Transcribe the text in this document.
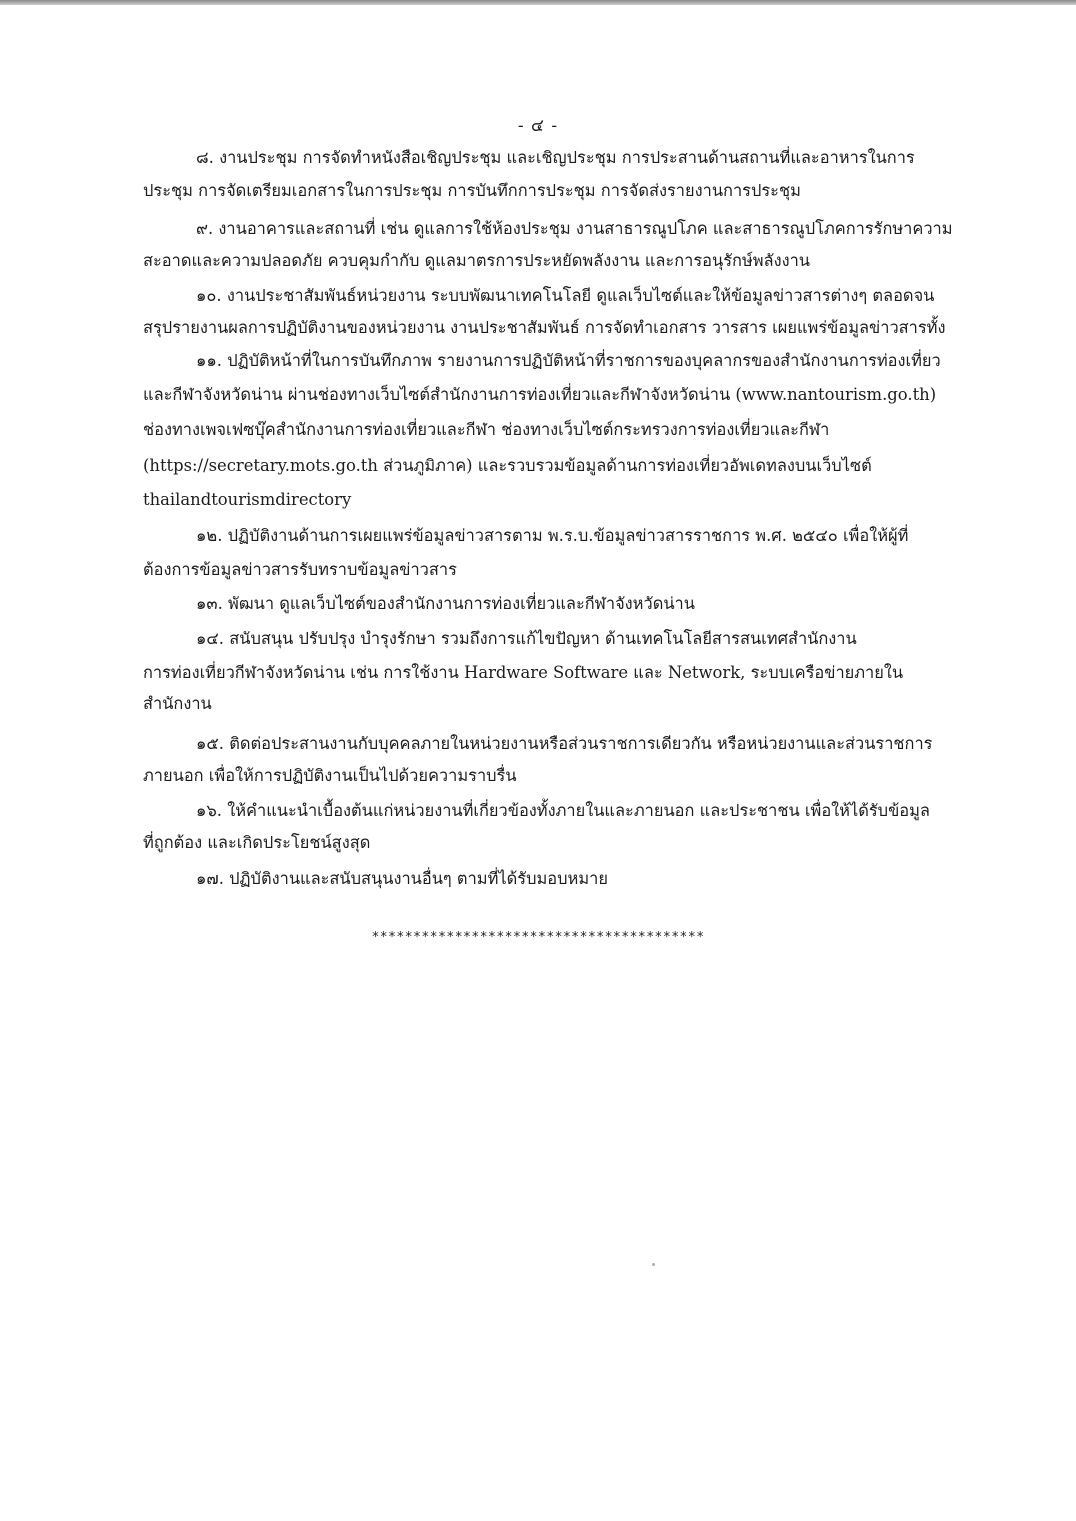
- ๔ -
๘. งานประชุม การจัดทำหนังสือเชิญประชุม และเชิญประชุม การประสานด้านสถานที่และอาหารในการ
ประชุม การจัดเตรียมเอกสารในการประชุม การบันทึกการประชุม การจัดส่งรายงานการประชุม
๙. งานอาคารและสถานที่ เช่น ดูแลการใช้ห้องประชุม งานสาธารณูปโภค และสาธารณูปโภคการรักษาความ
สะอาดและความปลอดภัย ควบคุมกำกับ ดูแลมาตรการประหยัดพลังงาน และการอนุรักษ์พลังงาน
๑๐. งานประชาสัมพันธ์หน่วยงาน ระบบพัฒนาเทคโนโลยี ดูแลเว็บไซต์และให้ข้อมูลข่าวสารต่างๆ ตลอดจน
สรุปรายงานผลการปฏิบัติงานของหน่วยงาน งานประชาสัมพันธ์ การจัดทำเอกสาร วารสาร เผยแพร่ข้อมูลข่าวสารทั้ง
๑๑. ปฏิบัติหน้าที่ในการบันทึกภาพ รายงานการปฏิบัติหน้าที่ราชการของบุคลากรของสำนักงานการท่องเที่ยว
และกีฬาจังหวัดน่าน ผ่านช่องทางเว็บไซต์สำนักงานการท่องเที่ยวและกีฬาจังหวัดน่าน (www.nantourism.go.th)
ช่องทางเพจเฟซบุ๊คสำนักงานการท่องเที่ยวและกีฬา ช่องทางเว็บไซต์กระทรวงการท่องเที่ยวและกีฬา
(https://secretary.mots.go.th ส่วนภูมิภาค) และรวบรวมข้อมูลด้านการท่องเที่ยวอัพเดทลงบนเว็บไซต์
thailandtourismdirectory
๑๒. ปฏิบัติงานด้านการเผยแพร่ข้อมูลข่าวสารตาม พ.ร.บ.ข้อมูลข่าวสารราชการ พ.ศ. ๒๕๔๐ เพื่อให้ผู้ที่
ต้องการข้อมูลข่าวสารรับทราบข้อมูลข่าวสาร
๑๓. พัฒนา ดูแลเว็บไซต์ของสำนักงานการท่องเที่ยวและกีฬาจังหวัดน่าน
๑๔. สนับสนุน ปรับปรุง บำรุงรักษา รวมถึงการแก้ไขปัญหา ด้านเทคโนโลยีสารสนเทศสำนักงาน
การท่องเที่ยวกีฬาจังหวัดน่าน เช่น การใช้งาน Hardware Software และ Network, ระบบเครือข่ายภายใน
สำนักงาน
๑๕. ติดต่อประสานงานกับบุคคลภายในหน่วยงานหรือส่วนราชการเดียวกัน หรือหน่วยงานและส่วนราชการ
ภายนอก เพื่อให้การปฏิบัติงานเป็นไปด้วยความราบรื่น
๑๖. ให้คำแนะนำเบื้องต้นแก่หน่วยงานที่เกี่ยวข้องทั้งภายในและภายนอก และประชาชน เพื่อให้ได้รับข้อมูล
ที่ถูกต้อง และเกิดประโยชน์สูงสุด
๑๗. ปฏิบัติงานและสนับสนุนงานอื่นๆ ตามที่ได้รับมอบหมาย
****************************************
